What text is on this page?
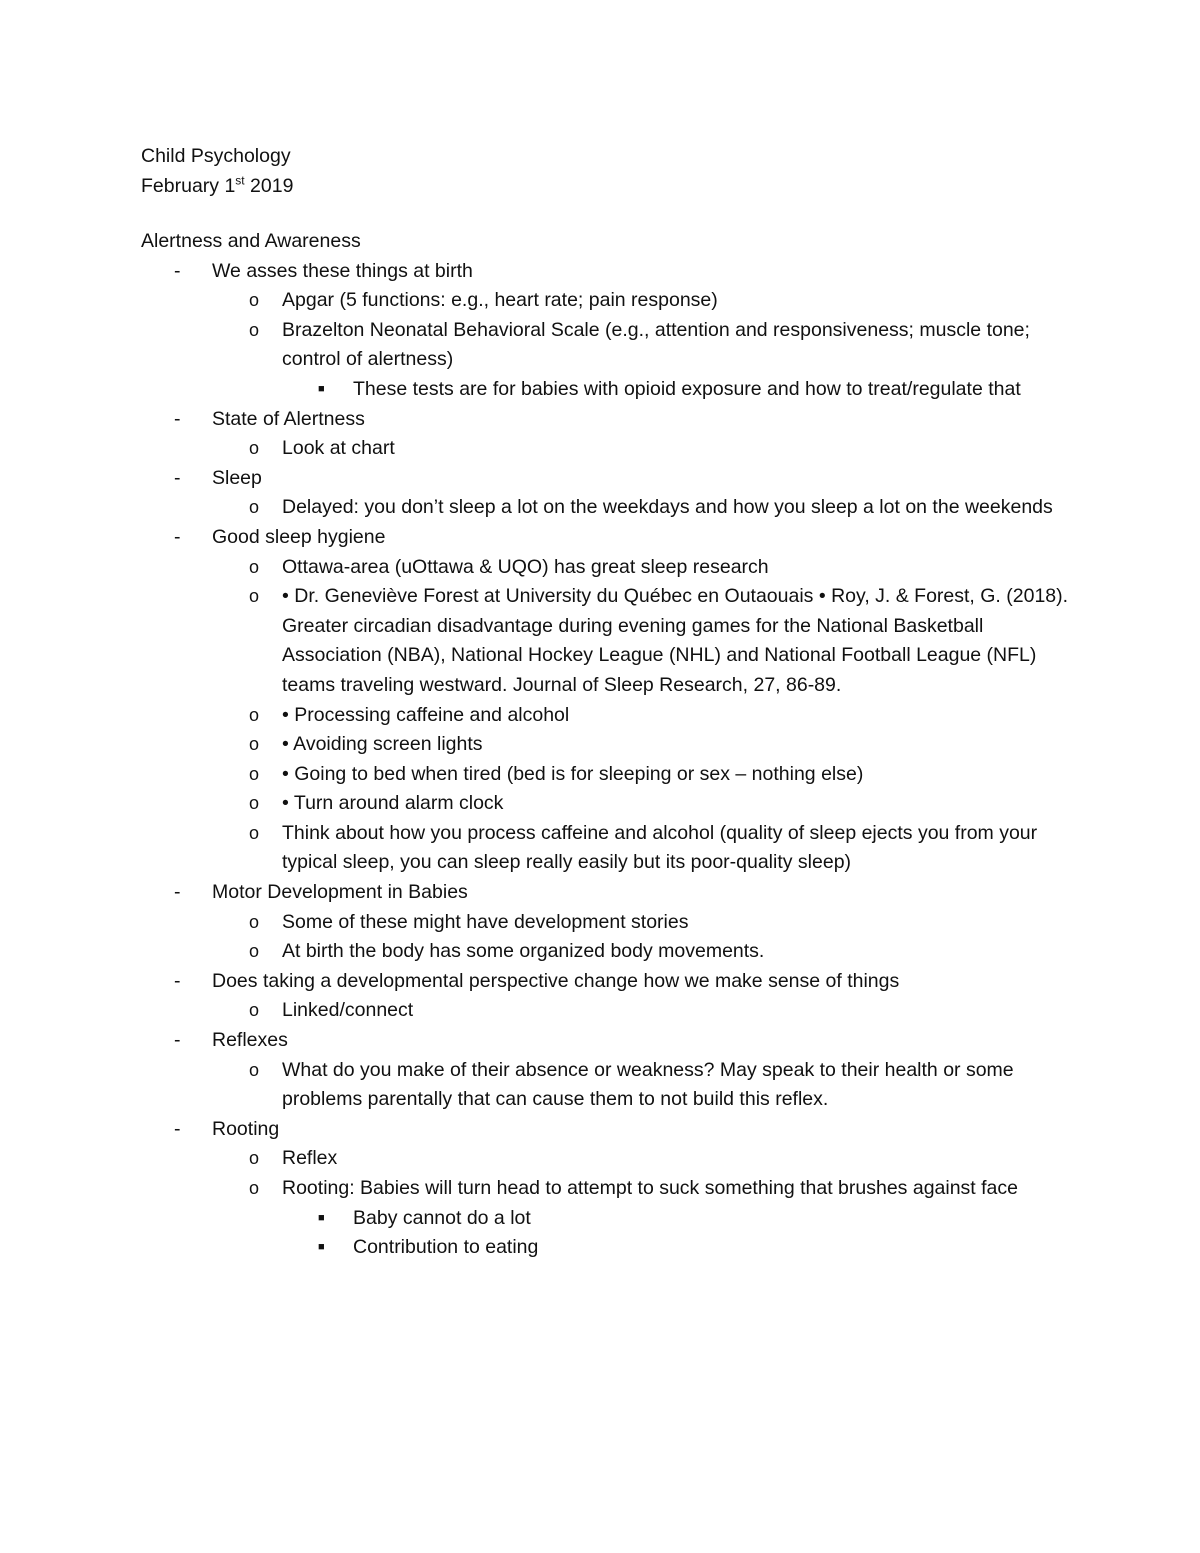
Child Psychology

February 1st 2019

Alertness and Awareness

- We asses these things at birth

o Apgar (5 functions: e.g., heart rate; pain response)

o Brazelton Neonatal Behavioral Scale (e.g., attention and responsiveness; muscle tone; control of alertness)

■ These tests are for babies with opioid exposure and how to treat/regulate that

- State of Alertness

o Look at chart

- Sleep

o Delayed: you don’t sleep a lot on the weekdays and how you sleep a lot on the weekends

- Good sleep hygiene

o Ottawa-area (uOttawa & UQO) has great sleep research

o • Dr. Geneviève Forest at University du Québec en Outaouais • Roy, J. & Forest, G. (2018). Greater circadian disadvantage during evening games for the National Basketball Association (NBA), National Hockey League (NHL) and National Football League (NFL) teams traveling westward. Journal of Sleep Research, 27, 86-89.

o • Processing caffeine and alcohol

o • Avoiding screen lights

o • Going to bed when tired (bed is for sleeping or sex – nothing else)

o • Turn around alarm clock

o Think about how you process caffeine and alcohol (quality of sleep ejects you from your typical sleep, you can sleep really easily but its poor-quality sleep)

- Motor Development in Babies

o Some of these might have development stories

o At birth the body has some organized body movements.

- Does taking a developmental perspective change how we make sense of things

o Linked/connect

- Reflexes

o What do you make of their absence or weakness? May speak to their health or some problems parentally that can cause them to not build this reflex.

- Rooting

o Reflex

o Rooting: Babies will turn head to attempt to suck something that brushes against face

■ Baby cannot do a lot

■ Contribution to eating
